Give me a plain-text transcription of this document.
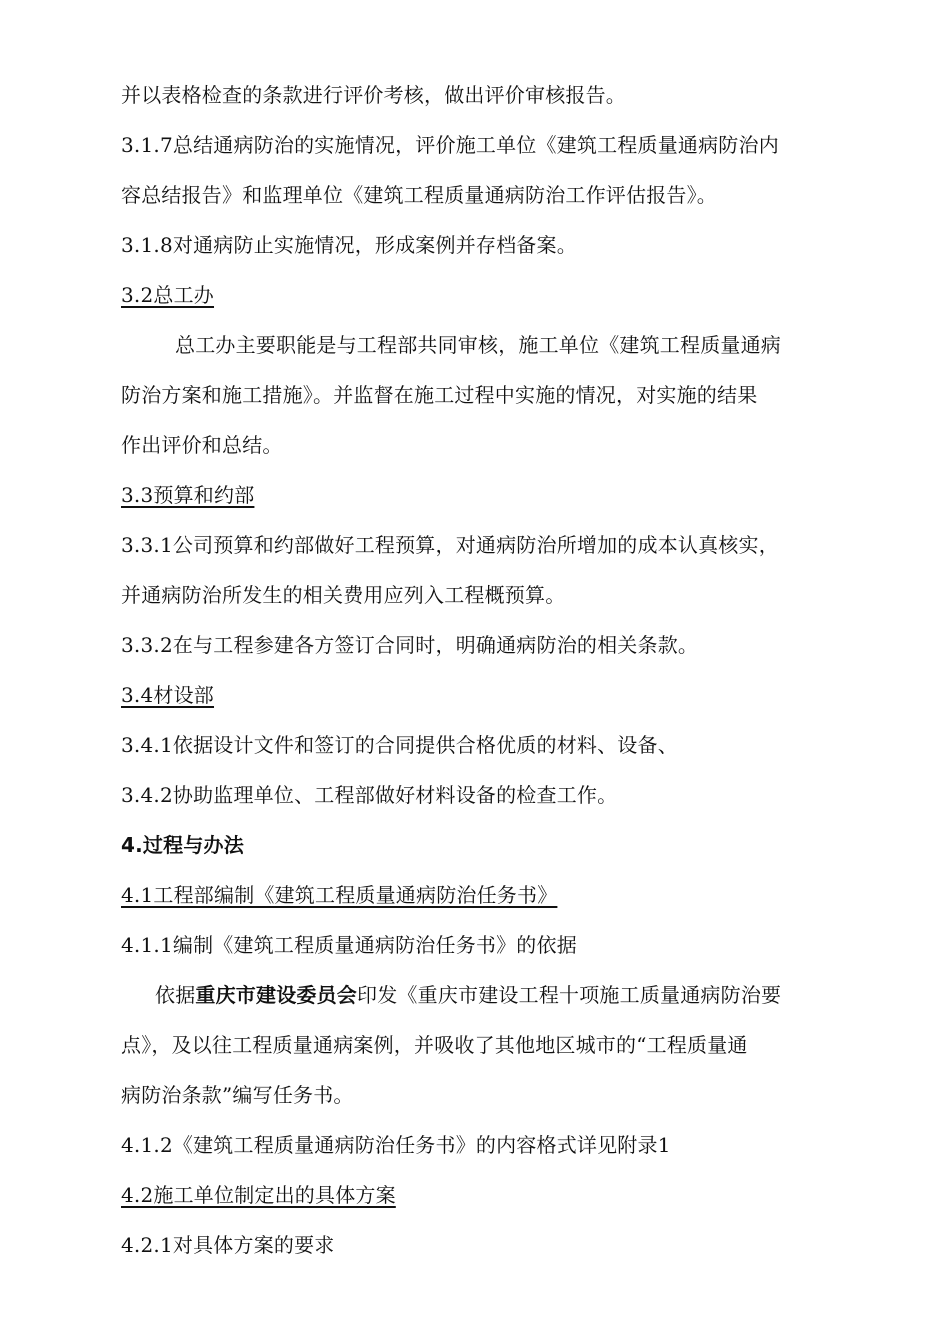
并以表格检查的条款进行评价考核，做出评价审核报告。
3.1.7总结通病防治的实施情况，评价施工单位《建筑工程质量通病防治内
容总结报告》和监理单位《建筑工程质量通病防治工作评估报告》。
3.1.8对通病防止实施情况，形成案例并存档备案。
3.2总工办
总工办主要职能是与工程部共同审核，施工单位《建筑工程质量通病
防治方案和施工措施》。并监督在施工过程中实施的情况，对实施的结果
作出评价和总结。
3.3预算和约部
3.3.1公司预算和约部做好工程预算，对通病防治所增加的成本认真核实，
并通病防治所发生的相关费用应列入工程概预算。
3.3.2在与工程参建各方签订合同时，明确通病防治的相关条款。
3.4材设部
3.4.1依据设计文件和签订的合同提供合格优质的材料、设备、
3.4.2协助监理单位、工程部做好材料设备的检查工作。
4.过程与办法
4.1工程部编制《建筑工程质量通病防治任务书》
4.1.1编制《建筑工程质量通病防治任务书》的依据
依据重庆市建设委员会印发《重庆市建设工程十项施工质量通病防治要
点》，及以往工程质量通病案例，并吸收了其他地区城市的“工程质量通
病防治条款”编写任务书。
4.1.2《建筑工程质量通病防治任务书》的内容格式详见附录1
4.2施工单位制定出的具体方案
4.2.1对具体方案的要求
